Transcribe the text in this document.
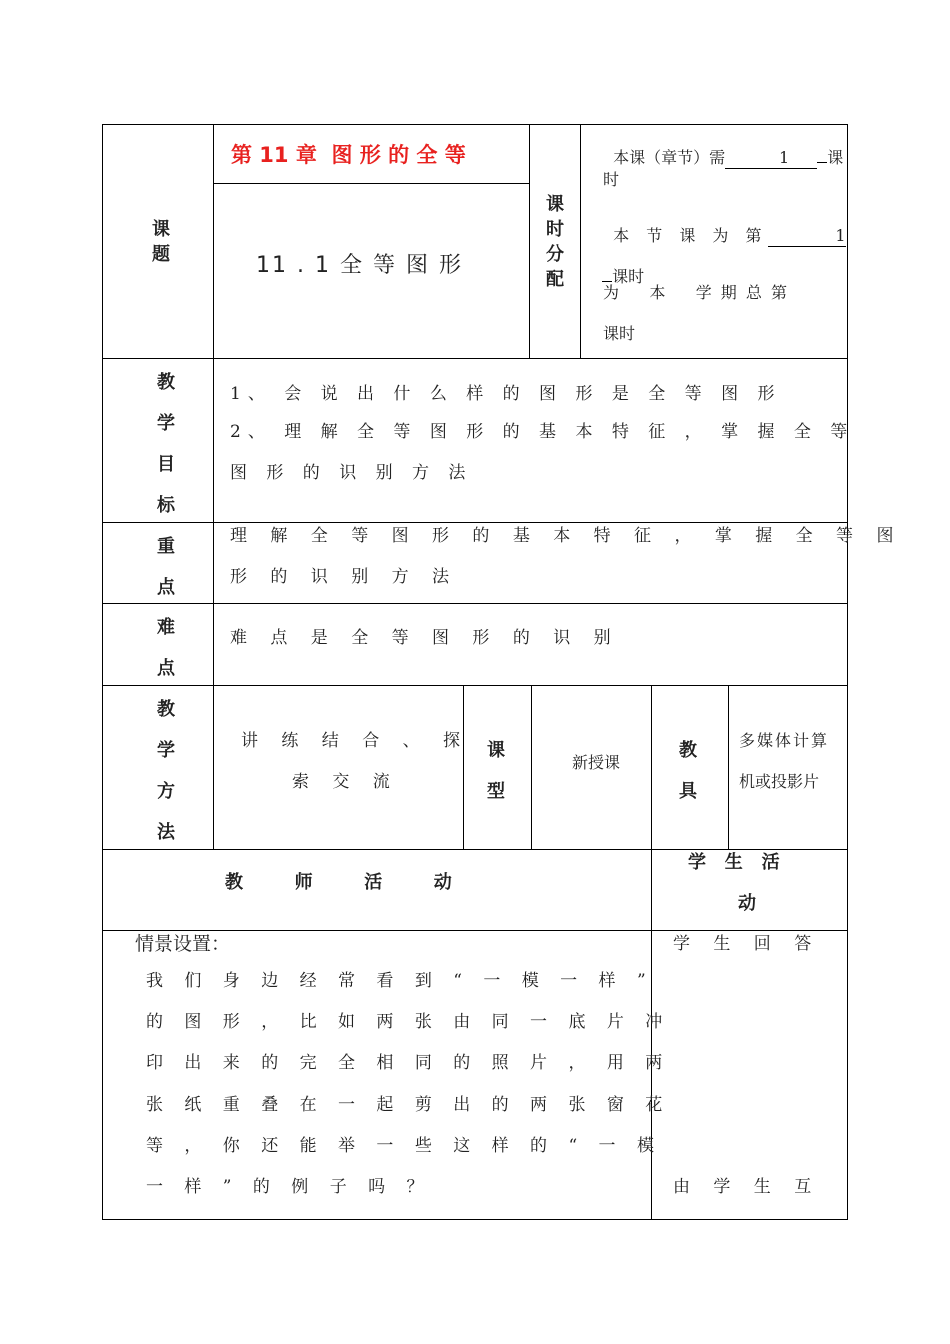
课题
第 11 章  图 形 的 全 等
11 . 1 全 等 图 形
课时分配

本课（章节）需	1 课

时

本 节 课 为 第	1

课时

为    本    学 期 总 第
课时
教学目标
1、 会 说 出 什 么 样 的 图 形 是 全 等 图 形
2、 理 解 全 等 图 形 的 基 本 特 征 ， 掌 握 全 等
图 形 的 识 别 方 法
重点
理 解 全 等 图 形 的 基 本 特 征 ， 掌 握 全 等 图
形 的 识 别 方 法
难点
难 点 是 全 等 图 形 的 识 别
教学方法
讲 练 结 合 、 探
索 交 流
课型
新授课
教具
多媒体计算
机或投影片
教      师      活      动
学   生   活
动
情景设置：
我 们 身 边 经 常 看 到 “ 一 模 一 样 ”
的 图 形 ， 比 如 两 张 由 同 一 底 片 冲
印 出 来 的 完 全 相 同 的 照 片 ， 用 两
张 纸 重 叠 在 一 起 剪 出 的 两 张 窗 花
等 ， 你 还 能 举 一 些 这 样 的 “ 一 模
一 样 ” 的 例 子 吗 ？
学 生 回 答
由 学 生 互
